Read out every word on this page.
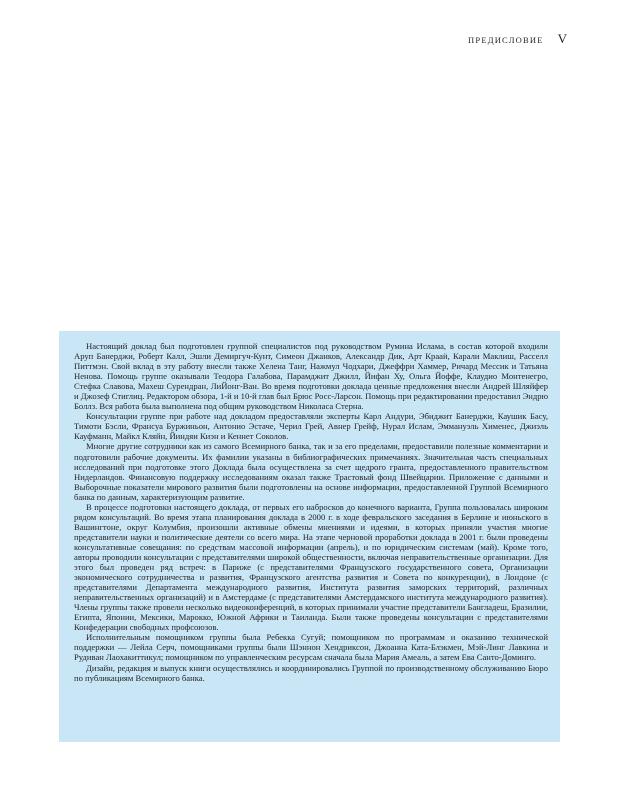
ПРЕДИСЛОВИЕ V

Настоящий доклад был подготовлен группой специалистов под руководством Румина Ислама, в состав которой входили Аруп Банерджи, Роберт Калл, Эшли Демиргуч-Кунт, Симеон Джанков, Александр Дик, Арт Крааӥ, Карали Маклиш, Расселл Питтмэн. Свой вклад в эту работу внесли также Хелена Танг, Нажмул Чодхари, Джеффри Хаммер, Ричард Мессик и Татьяна Ненова. Помощь группе оказывали Теодора Галабова, Парамджит Джилл, Йифан Ху, Ольга Йоффе, Клаудио Монтенегро, Стефка Славова, Махеш Сурендран, ЛиЙонг-Ван. Во время подготовки доклада ценные предложения внесли Андрей Шляйфер и Джозеф Стиглиц. Редактором обзора, 1-й и 10-й глав был Брюс Росс-Ларсон. Помощь при редактировании предоставил Эндрю Боллз. Вся работа была выполнена под общим руководством Николаса Стерна.

Консультации группе при работе над докладом предоставляли эксперты Карл Андури, Эбиджит Банерджи, Каушик Басу, Тимоти Бэсли, Франсуа Буржиньон, Антонио Эстаче, Черил Грей, Авнер Грейф, Нурал Ислам, Эммануэль Хименес, Джиэль Кауфманн, Майкл Кляйн, Йиндяи Киэн и Кеннет Соколов.

Многие другие сотрудники как из самого Всемирного банка, так и за его пределами, предоставили полезные комментарии и подготовили рабочие документы. Их фамилии указаны в библиографических примечаниях. Значительная часть специальных исследований при подготовке этого Доклада была осуществлена за счет щедрого гранта, предоставленного правительством Нидерландов. Финансовую поддержку исследованиям оказал также Трастовый фонд Швейцарии. Приложение с данными и Выборочные показатели мирового развития были подготовлены на основе информации, предоставленной Группой Всемирного банка по данным, характеризующим развитие.

В процессе подготовки настоящего доклада, от первых его набросков до конечного варианта, Группа пользовалась широким рядом консультаций. Во время этапа планирования доклада в 2000 г. в ходе февральского заседания в Берлине и июньского в Вашингтоне, округ Колумбия, произошли активные обмены мнениями и идеями, в которых приняли участия многие представители науки и политические деятели со всего мира. На этапе черновой проработки доклада в 2001 г. были проведены консультативные совещания: по средствам массовой информации (апрель), и по юридическим системам (май). Кроме того, авторы проводили консультации с представителями широкой общественности, включая неправительственные организации. Для этого был проведен ряд встреч: в Париже (с представителями Французского государственного совета, Организации экономического сотрудничества и развития, Французского агентства развития и Совета по конкуренции), в Лондоне (с представителями Департамента международного развития, Института развития заморских территорий, различных неправительственных организаций) и в Амстердаме (с представителями Амстердамского института международного развития). Члены группы также провели несколько видеоконференций, в которых принимали участие представители Бангладеш, Бразилии, Египта, Японии, Мексики, Марокко, Южной Африки и Таиланда. Были также проведены консультации с представителями Конфедерации свободных профсоюзов.

Исполнительным помощником группы была Ребекка Сугуй; помощником по программам и оказанию технической поддержки — Лейла Серч, помощниками группы были Шэннон Хендриксон, Джоанна Ката-Блэкмен, Мэй-Линг Лавкина и Рудиван Лаохакиттикул; помощником по управленческим ресурсам сначала была Мария Амеаль, а затем Ева Санто-Доминго.

Дизайн, редакция и выпуск книги осуществлялись и координировались Группой по производственному обслуживанию Бюро по публикациям Всемирного банка.
